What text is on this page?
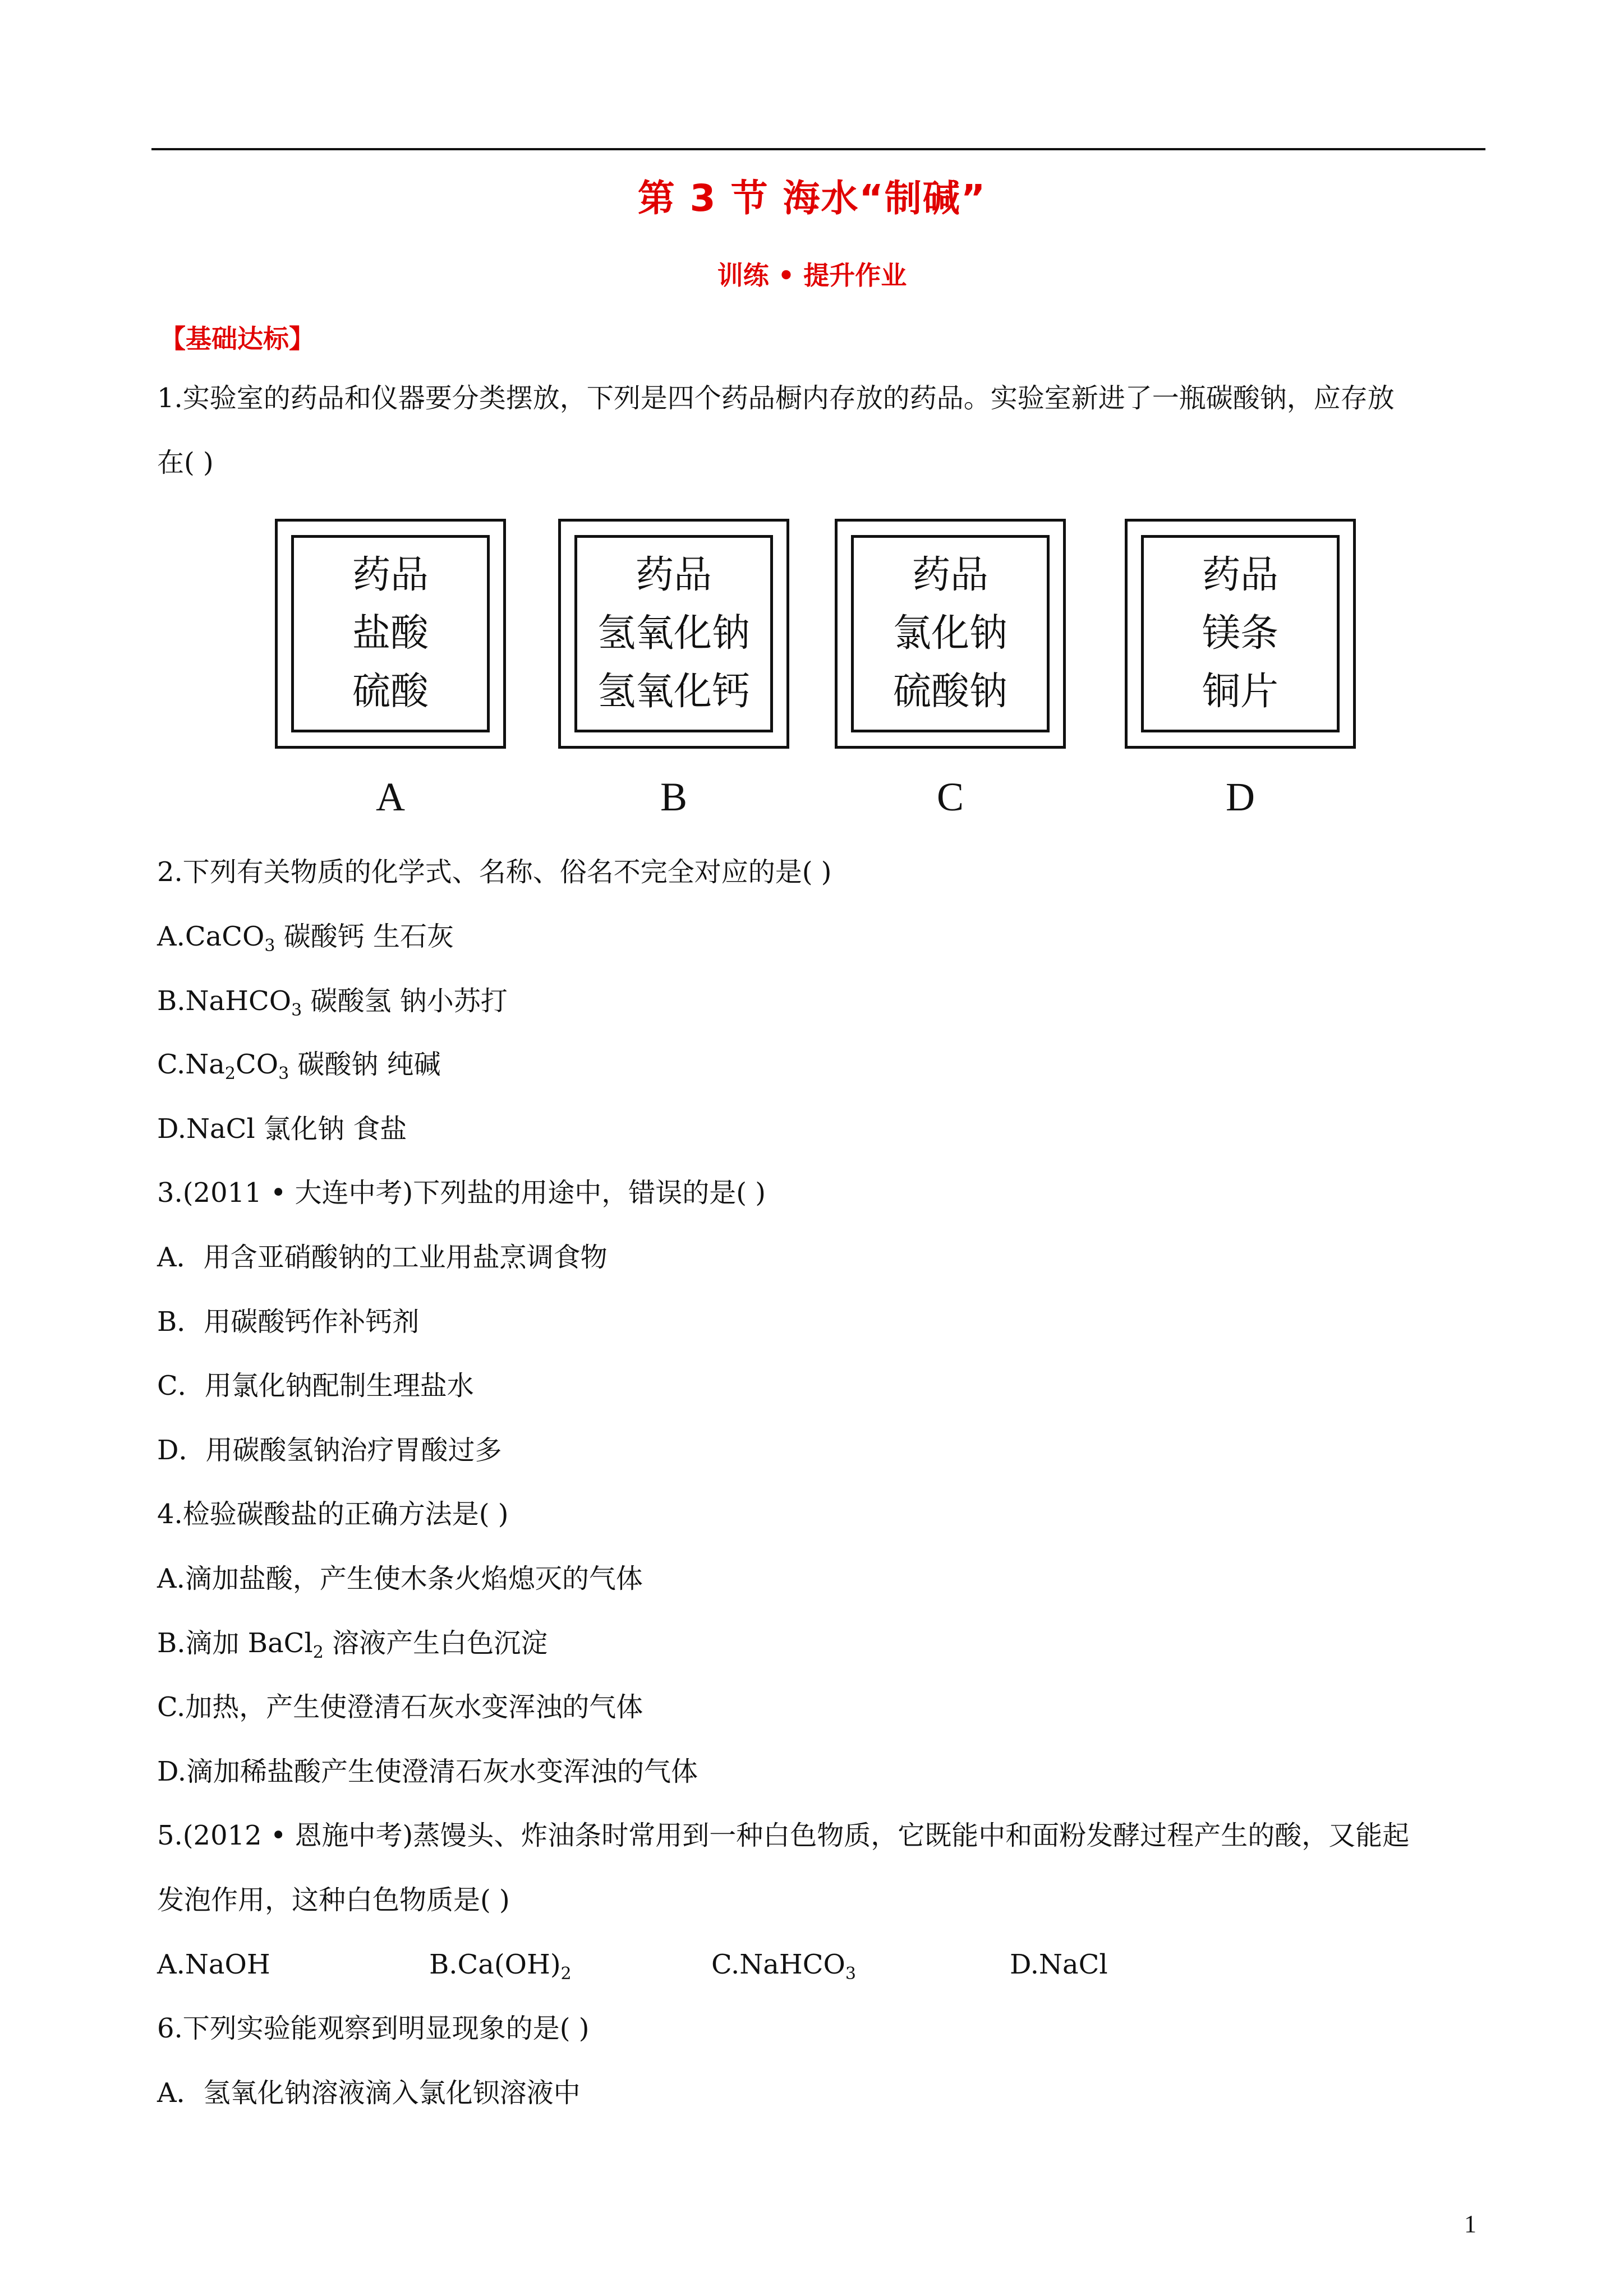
第 3 节 海水“制碱”
训练 • 提升作业
【基础达标】
1.实验室的药品和仪器要分类摆放，下列是四个药品橱内存放的药品。实验室新进了一瓶碳酸钠，应存放
在( )
药品
盐酸
硫酸
药品
氢氧化钠
氢氧化钙
药品
氯化钠
硫酸钠
药品
镁条
铜片
A	B	C	D
2.下列有关物质的化学式、名称、俗名不完全对应的是( )
A.CaCO$_3$ 碳酸钙 生石灰
B.NaHCO$_3$ 碳酸氢 钠小苏打
$C.Na_2CO_3$ 碳酸钠 纯碱
D.NaCl 氯化钠 食盐
3.(2011 • 大连中考)下列盐的用途中，错误的是( )
A．用含亚硝酸钠的工业用盐烹调食物
B．用碳酸钙作补钙剂
C．用氯化钠配制生理盐水
D．用碳酸氢钠治疗胃酸过多
4.检验碳酸盐的正确方法是( )
A.滴加盐酸，产生使木条火焰熄灭的气体
B.滴加 BaCl$_2$ 溶液产生白色沉淀
C.加热，产生使澄清石灰水变浑浊的气体
D.滴加稀盐酸产生使澄清石灰水变浑浊的气体
5.(2012 • 恩施中考)蒸馒头、炸油条时常用到一种白色物质，它既能中和面粉发酵过程产生的酸，又能起
发泡作用，这种白色物质是( )
A.NaOH	$B.Ca(OH)_2$	C.NaHCO$_3$	D.NaCl
6.下列实验能观察到明显现象的是( )
A．氢氧化钠溶液滴入氯化钡溶液中
1
